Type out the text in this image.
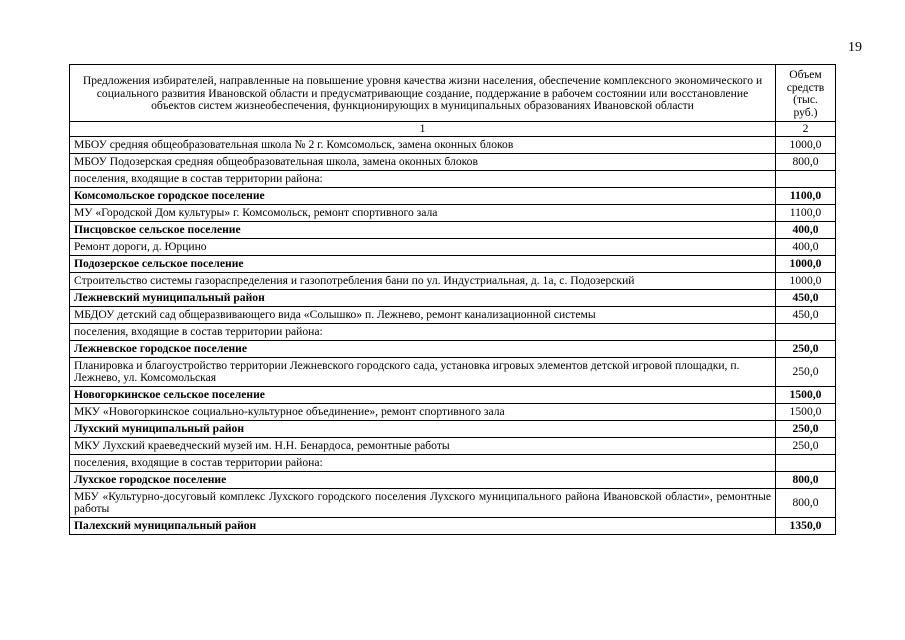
19
Предложения избирателей, направленные на повышение уровня качества жизни населения, обеспечение комплексного экономического и социального развития Ивановской области и предусматривающие создание, поддержание в рабочем состоянии или восстановление объектов систем жизнеобеспечения, функционирующих в муниципальных образованиях Ивановской области	Объем средств (тыс. руб.)
1	2
МБОУ средняя общеобразовательная школа № 2 г. Комсомольск, замена оконных блоков	1000,0
МБОУ Подозерская средняя общеобразовательная школа, замена оконных блоков	800,0
поселения, входящие в состав территории района:	
Комсомольское городское поселение	1100,0
МУ «Городской Дом культуры» г. Комсомольск, ремонт спортивного зала	1100,0
Писцовское сельское поселение	400,0
Ремонт дороги, д. Юрцино	400,0
Подозерское сельское поселение	1000,0
Строительство системы газораспределения и газопотребления бани по ул. Индустриальная, д. 1а, с. Подозерский	1000,0
Лежневский муниципальный район	450,0
МБДОУ детский сад общеразвивающего вида «Солышко» п. Лежнево, ремонт канализационной системы	450,0
поселения, входящие в состав территории района:	
Лежневское городское поселение	250,0
Планировка и благоустройство территории Лежневского городского сада, установка игровых элементов детской игровой площадки, п. Лежнево, ул. Комсомольская	250,0
Новогоркинское сельское поселение	1500,0
МКУ «Новогоркинское социально-культурное объединение», ремонт спортивного зала	1500,0
Лухский муниципальный район	250,0
МКУ Лухский краеведческий музей им. Н.Н. Бенардоса, ремонтные работы	250,0
поселения, входящие в состав территории района:	
Лухское городское поселение	800,0
МБУ «Культурно-досуговый комплекс Лухского городского поселения Лухского муниципального района Ивановской области», ремонтные работы	800,0
Палехский муниципальный район	1350,0
